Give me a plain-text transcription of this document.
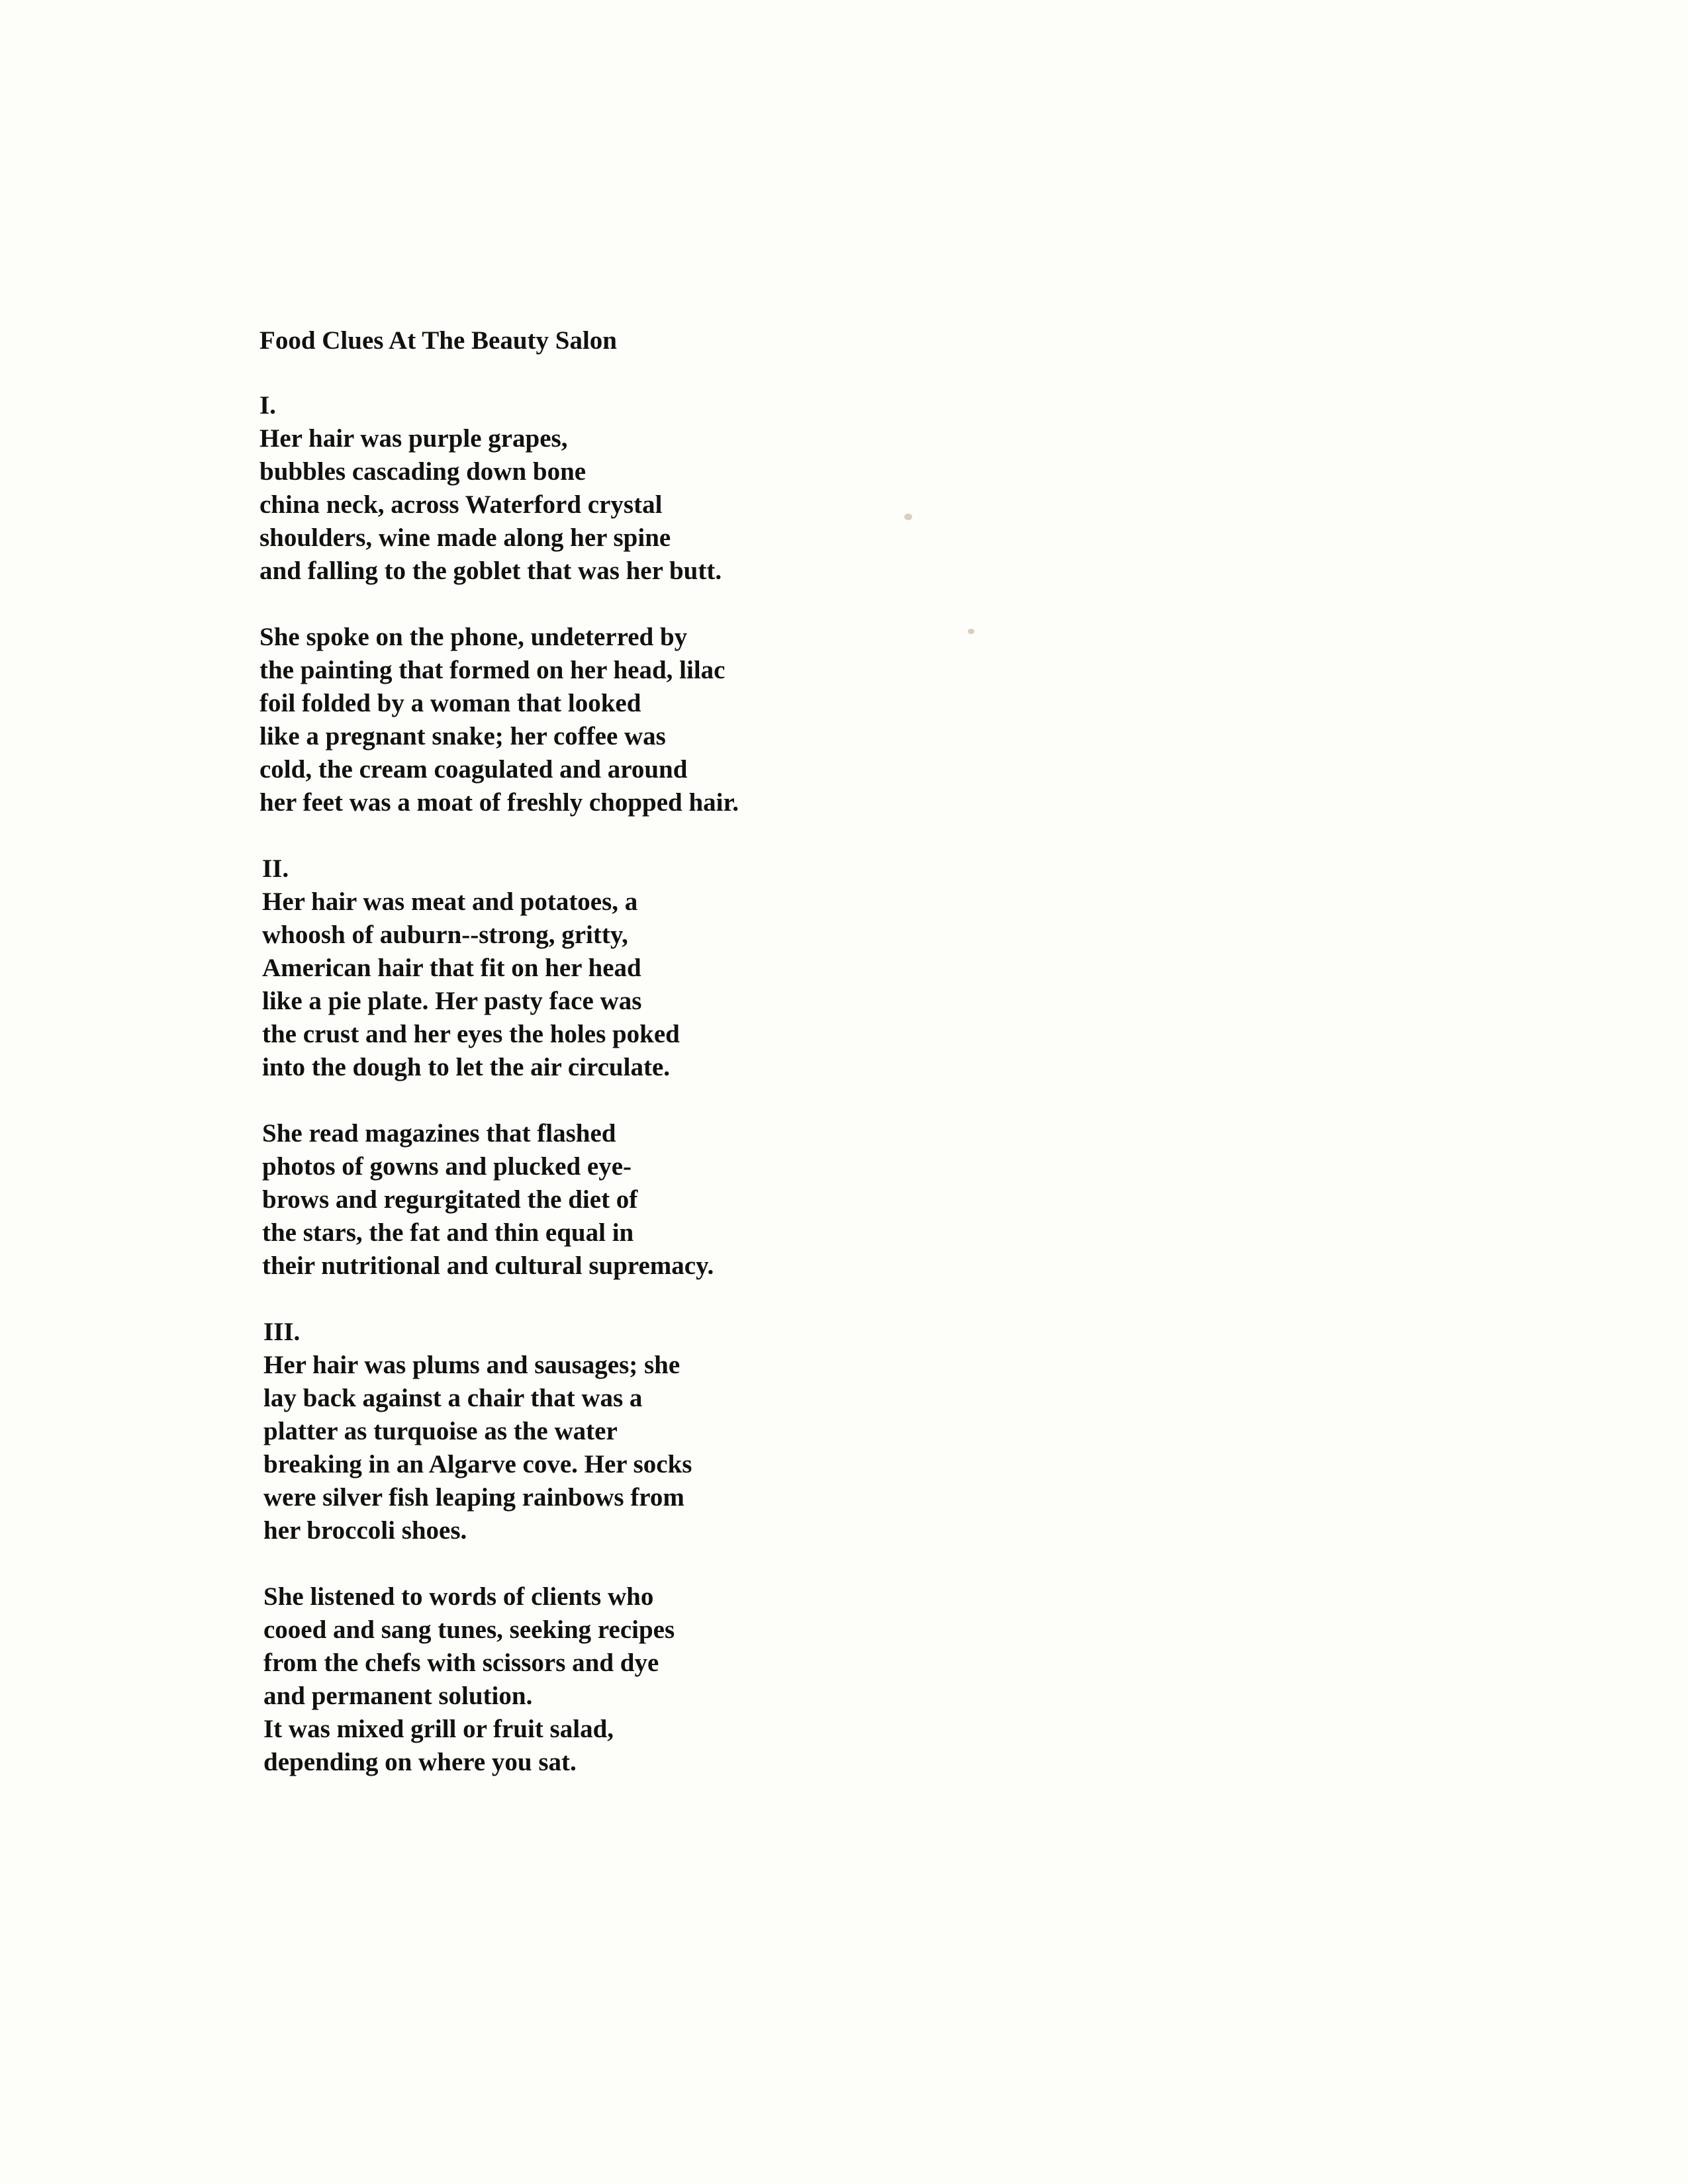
Food Clues At The Beauty Salon
I.
Her hair was purple grapes,
bubbles cascading down bone
china neck, across Waterford crystal
shoulders, wine made along her spine
and falling to the goblet that was her butt.
She spoke on the phone, undeterred by
the painting that formed on her head, lilac
foil folded by a woman that looked
like a pregnant snake; her coffee was
cold, the cream coagulated and around
her feet was a moat of freshly chopped hair.
II.
Her hair was meat and potatoes, a
whoosh of auburn--strong, gritty,
American hair that fit on her head
like a pie plate. Her pasty face was
the crust and her eyes the holes poked
into the dough to let the air circulate.
She read magazines that flashed
photos of gowns and plucked eye-
brows and regurgitated the diet of
the stars, the fat and thin equal in
their nutritional and cultural supremacy.
III.
Her hair was plums and sausages; she
lay back against a chair that was a
platter as turquoise as the water
breaking in an Algarve cove. Her socks
were silver fish leaping rainbows from
her broccoli shoes.
She listened to words of clients who
cooed and sang tunes, seeking recipes
from the chefs with scissors and dye
and permanent solution.
It was mixed grill or fruit salad,
depending on where you sat.
